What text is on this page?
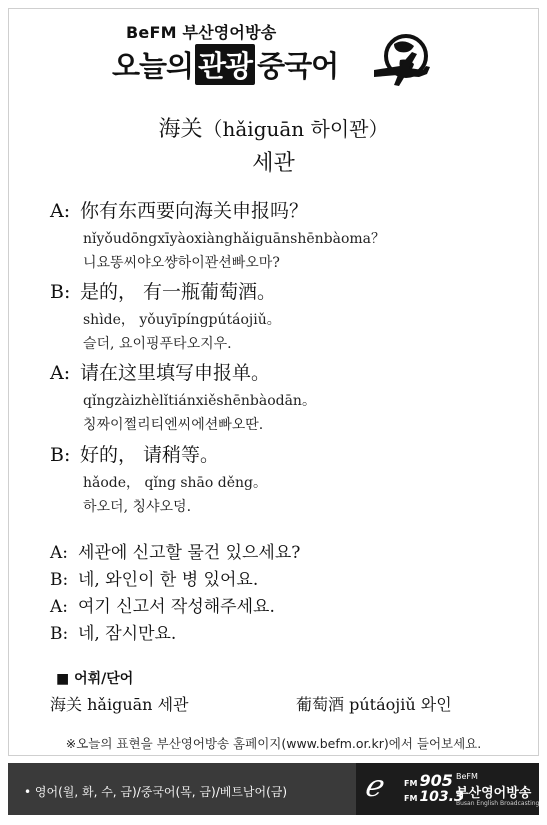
BeFM 부산영어방송
오늘의 관광 중국어
海关（hǎiguān 하이꽌）
세관
A: 你有东西要向海关申报吗？
nǐyǒudōngxīyàoxiànghǎiguānshēnbàoma？
니요똥씨야오썅하이꽌션빠오마?
B: 是的， 有一瓶葡萄酒。
shìde， yǒuyīpíngpútáojiǔ。
슬더, 요이핑푸타오지우.
A: 请在这里填写申报单。
qǐngzàizhèlǐtiánxiěshēnbàodān。
칭짜이쩔리티엔씨에션빠오딴.
B: 好的， 请稍等。
hǎode， qǐng shāo děng。
하오더, 칭샤오덩.
A: 세관에 신고할 물건 있으세요?
B: 네, 와인이 한 병 있어요.
A: 여기 신고서 작성해주세요.
B: 네, 잠시만요.
■ 어휘/단어
海关 hǎiguān 세관	葡萄酒 pútáojiǔ 와인
※오늘의 표현을 부산영어방송 홈페이지(www.befm.or.kr)에서 들어보세요.
• 영어(월, 화, 수, 금)/중국어(목, 금)/베트남어(금)	ℯ	FM 905
FM 103.3
BeFM
부산영어방송
Busan English Broadcasting
